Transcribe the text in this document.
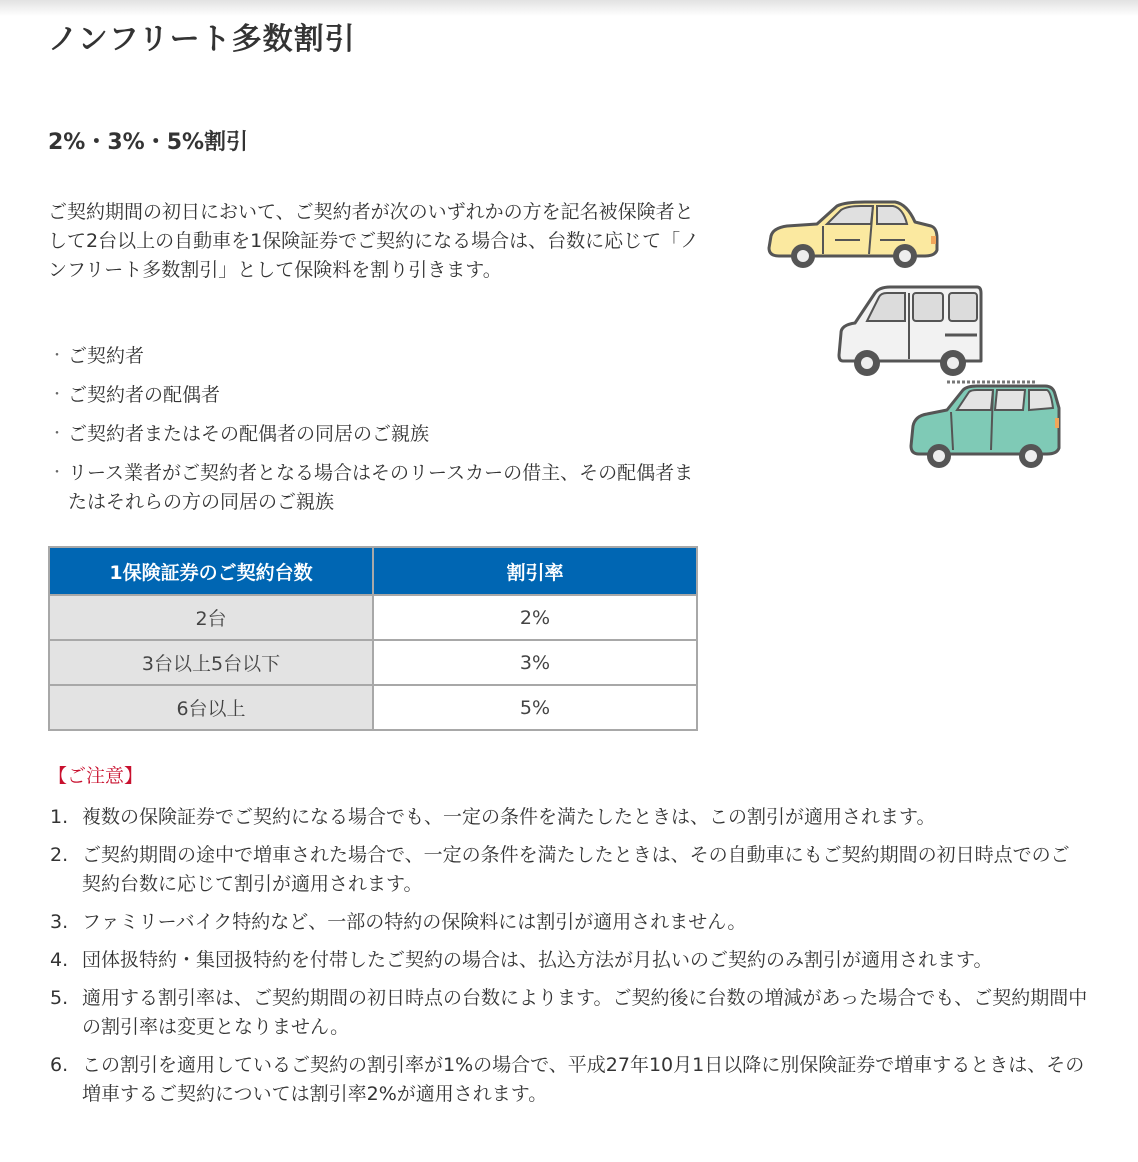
ノンフリート多数割引
2%・3%・5%割引

ご契約期間の初日において、ご契約者が次のいずれかの方を記名被保険者として2台以上の自動車を1保険証券でご契約になる場合は、台数に応じて「ノンフリート多数割引」として保険料を割り引きます。

・ ご契約者
・ ご契約者の配偶者
・ ご契約者またはその配偶者の同居のご親族
・ リース業者がご契約者となる場合はそのリースカーの借主、その配偶者またはそれらの方の同居のご親族
1保険証券のご契約台数	割引率
2台	2%
3台以上5台以下	3%
6台以上	5%

【ご注意】

1. 複数の保険証券でご契約になる場合でも、一定の条件を満たしたときは、この割引が適用されます。
2. ご契約期間の途中で増車された場合で、一定の条件を満たしたときは、その自動車にもご契約期間の初日時点でのご契約台数に応じて割引が適用されます。
3. ファミリーバイク特約など、一部の特約の保険料には割引が適用されません。
4. 団体扱特約・集団扱特約を付帯したご契約の場合は、払込方法が月払いのご契約のみ割引が適用されます。
5. 適用する割引率は、ご契約期間の初日時点の台数によります。ご契約後に台数の増減があった場合でも、ご契約期間中の割引率は変更となりません。
6. この割引を適用しているご契約の割引率が1%の場合で、平成27年10月1日以降に別保険証券で増車するときは、その増車するご契約については割引率2%が適用されます。
